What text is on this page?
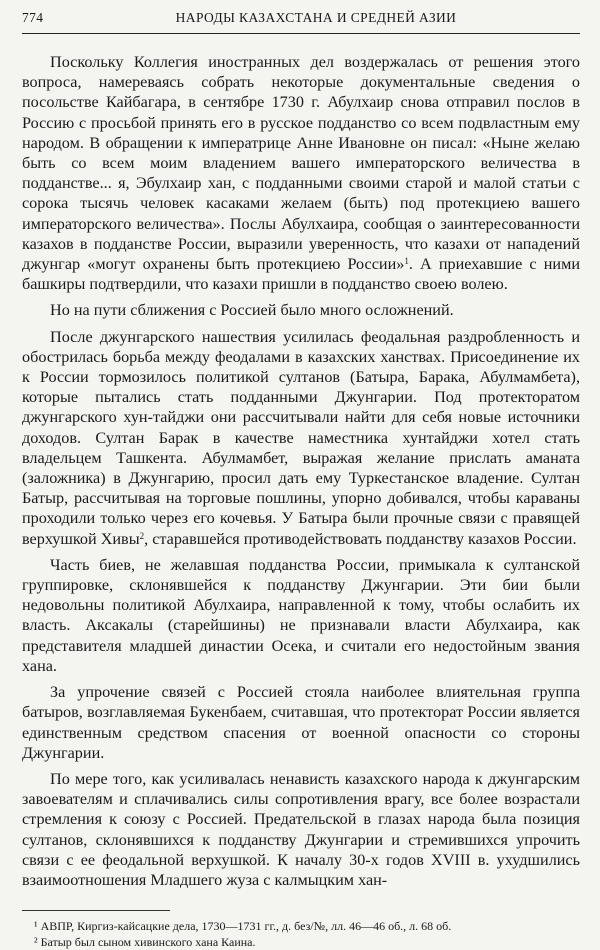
774	НАРОДЫ КАЗАХСТАНА И СРЕДНЕЙ АЗИИ

Поскольку Коллегия иностранных дел воздержалась от решения этого вопроса, намереваясь собрать некоторые документальные сведения о посольстве Кайбагара, в сентябре 1730 г. Абулхаир снова отправил послов в Россию с просьбой принять его в русское подданство со всем подвластным ему народом. В обращении к императрице Анне Ивановне он писал: «Ныне желаю быть со всем моим владением вашего императорского величества в подданстве... я, Эбулхаир хан, с подданными своими старой и малой статьи с сорока тысячь человек касаками желаем (быть) под протекциею вашего императорского величества». Послы Абулхаира, сообщая о заинтересованности казахов в подданстве России, выразили уверенность, что казахи от нападений джунгар «могут охранены быть протекциею России»$^1$. А приехавшие с ними башкиры подтвердили, что казахи пришли в подданство своею волею.

Но на пути сближения с Россией было много осложнений.

После джунгарского нашествия усилилась феодальная раздробленность и обострилась борьба между феодалами в казахских ханствах. Присоединение их к России тормозилось политикой султанов (Батыра, Барака, Абулмамбета), которые пытались стать подданными Джунгарии. Под протекторатом джунгарского хун-тайджи они рассчитывали найти для себя новые источники доходов. Султан Барак в качестве наместника хунтайджи хотел стать владельцем Ташкента. Абулмамбет, выражая желание прислать аманата (заложника) в Джунгарию, просил дать ему Туркестанское владение. Султан Батыр, рассчитывая на торговые пошлины, упорно добивался, чтобы караваны проходили только через его кочевья. У Батыра были прочные связи с правящей верхушкой Хивы$^2$, старавшейся противодействовать подданству казахов России.

Часть биев, не желавшая подданства России, примыкала к султанской группировке, склонявшейся к подданству Джунгарии. Эти бии были недовольны политикой Абулхаира, направленной к тому, чтобы ослабить их власть. Аксакалы (старейшины) не признавали власти Абулхаира, как представителя младшей династии Осека, и считали его недостойным звания хана.

За упрочение связей с Россией стояла наиболее влиятельная группа батыров, возглавляемая Букенбаем, считавшая, что протекторат России является единственным средством спасения от военной опасности со стороны Джунгарии.

По мере того, как усиливалась ненависть казахского народа к джунгарским завоевателям и сплачивались силы сопротивления врагу, все более возрастали стремления к союзу с Россией. Предательской в глазах народа была позиция султанов, склонявшихся к подданству Джунгарии и стремившихся упрочить связи с ее феодальной верхушкой. К началу 30-х годов XVIII в. ухудшились взаимоотношения Младшего жуза с калмыцким хан-

¹ АВПР, Киргиз-кайсацкие дела, 1730—1731 гг., д. без/№, лл. 46—46 об., л. 68 об.
² Батыр был сыном хивинского хана Каина.
